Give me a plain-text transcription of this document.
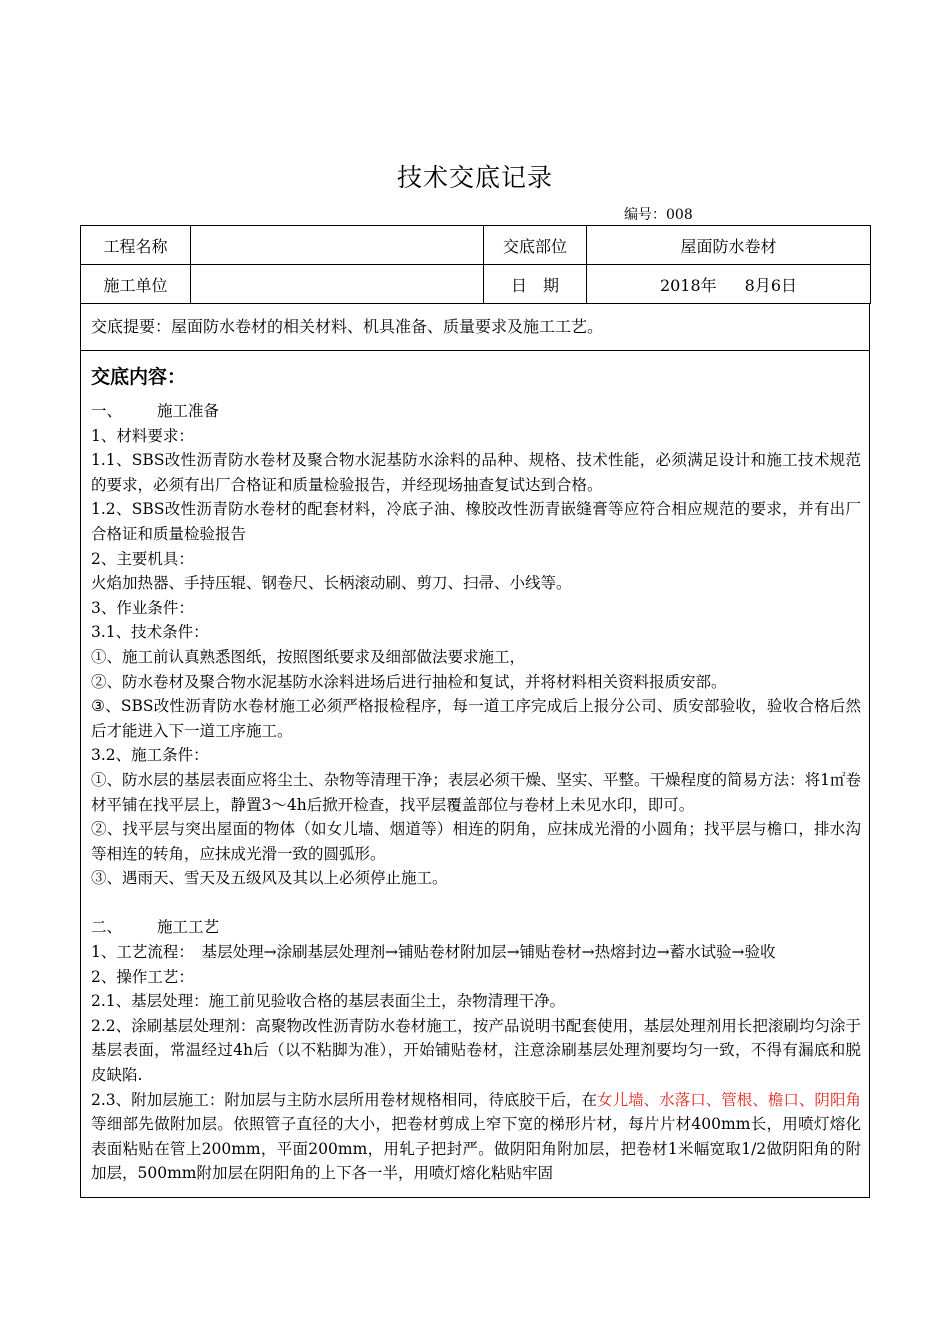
技术交底记录
编号：008
工程名称		交底部位	屋面防水卷材
施工单位		日　期	2018年 8月6日
交底提要：屋面防水卷材的相关材料、机具准备、质量要求及施工工艺。
交底内容：

一、 施工准备

1、材料要求：

1.1、SBS改性沥青防水卷材及聚合物水泥基防水涂料的品种、规格、技术性能，必须满足设计和施工技术规范的要求，必须有出厂合格证和质量检验报告，并经现场抽查复试达到合格。

1.2、SBS改性沥青防水卷材的配套材料，冷底子油、橡胶改性沥青嵌缝膏等应符合相应规范的要求，并有出厂合格证和质量检验报告

2、主要机具：

火焰加热器、手持压辊、钢卷尺、长柄滚动刷、剪刀、扫帚、小线等。

3、作业条件：

3.1、技术条件：

①、施工前认真熟悉图纸，按照图纸要求及细部做法要求施工，

②、防水卷材及聚合物水泥基防水涂料进场后进行抽检和复试，并将材料相关资料报质安部。

③、SBS改性沥青防水卷材施工必须严格报检程序，每一道工序完成后上报分公司、质安部验收，验收合格后然后才能进入下一道工序施工。

3.2、施工条件：

①、防水层的基层表面应将尘土、杂物等清理干净；表层必须干燥、坚实、平整。干燥程度的简易方法：将1㎡卷材平铺在找平层上，静置3～4h后掀开检查，找平层覆盖部位与卷材上未见水印，即可。

②、找平层与突出屋面的物体（如女儿墙、烟道等）相连的阴角，应抹成光滑的小圆角；找平层与檐口，排水沟等相连的转角，应抹成光滑一致的圆弧形。

③、遇雨天、雪天及五级风及其以上必须停止施工。

二、 施工工艺

1、工艺流程：　基层处理→涂刷基层处理剂→铺贴卷材附加层→铺贴卷材→热熔封边→蓄水试验→验收

2、操作工艺：

2.1、基层处理：施工前见验收合格的基层表面尘土，杂物清理干净。

2.2、涂刷基层处理剂：高聚物改性沥青防水卷材施工，按产品说明书配套使用，基层处理剂用长把滚刷均匀涂于基层表面，常温经过4h后（以不粘脚为准），开始铺贴卷材，注意涂刷基层处理剂要均匀一致，不得有漏底和脱皮缺陷.

2.3、附加层施工：附加层与主防水层所用卷材规格相同，待底胶干后，在女儿墙、水落口、管根、檐口、阴阳角等细部先做附加层。依照管子直径的大小，把卷材剪成上窄下宽的梯形片材，每片片材400mm长，用喷灯熔化表面粘贴在管上200mm，平面200mm，用轧子把封严。做阴阳角附加层，把卷材1米幅宽取1/2做阴阳角的附加层，500mm附加层在阴阳角的上下各一半，用喷灯熔化粘贴牢固
